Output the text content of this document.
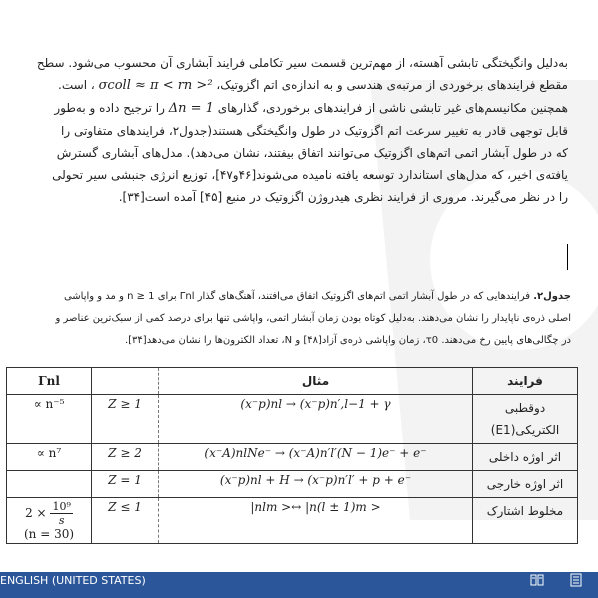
به‌دلیل وانگیختگی تابشی آهسته، از مهم‌ترین قسمت سیر تکاملی فرایند آبشاری آن محسوب می‌شود. سطح

مقطع فرایندهای برخوردی از مرتبه‌ی هندسی و به اندازه‌ی اتم اگزوتیک، σcoll ≈ π < rn >² ، است.

همچنین مکانیسم‌های غیر تابشی ناشی از فرایندهای برخوردی، گذارهای Δn = 1 را ترجیح داده و به‌طور

قابل توجهی قادر به تغییر سرعت اتم اگزوتیک در طول وانگیختگی هستند(جدول۲، فرایندهای متفاوتی را

که در طول آبشار اتمی اتم‌های اگزوتیک می‌توانند اتفاق بیفتند، نشان می‌دهد). مدل‌های آبشاری گسترش

یافته‌ی اخیر، که مدل‌های استاندارد توسعه یافته نامیده می‌شوند[۴۶و۴۷]، توزیع انرژی جنبشی سیر تحولی

را در نظر می‌گیرند. مروری از فرایند نظری هیدروژن اگزوتیک در منبع [۴۵] آمده است[۳۴].

جدول۲. فرایندهایی که در طول آبشار اتمی اتم‌های اگزوتیک اتفاق می‌افتند، آهنگ‌های گذار Γnl برای n ≥ 1 و مد و واپاشی

اصلی ذره‌ی ناپایدار را نشان می‌دهند. به‌دلیل کوتاه بودن زمان آبشار اتمی، واپاشی تنها برای درصد کمی از سبک‌ترین عناصر و

در چگالی‌های پایین رخ می‌دهند. τ0، زمان واپاشی ذره‌ی آزاد[۴۸] و N، تعداد الکترون‌ها را نشان می‌دهد[۳۴].

فرایند	مثال		Γnl
دوقطبی الکتریکی(E1)	(x⁻p)nl → (x⁻p)n′,l−1 + γ	Z ≥ 1	∝ n⁻⁵
اثر اوژه داخلی	(x⁻A)nlNe⁻ → (x⁻A)n′l′(N − 1)e⁻ + e⁻	Z ≥ 2	∝ n⁷
اثر اوژه خارجی	(x⁻p)nl + H → (x⁻p)n′l′ + p + e⁻	Z = 1	
مخلوط اشتارک	|nlm >↔ |n(l ± 1)m >	Z ≤ 1	$2 \times \frac{\text{10⁹}}{s}$
(n = 30)
ENGLISH (UNITED STATES)
